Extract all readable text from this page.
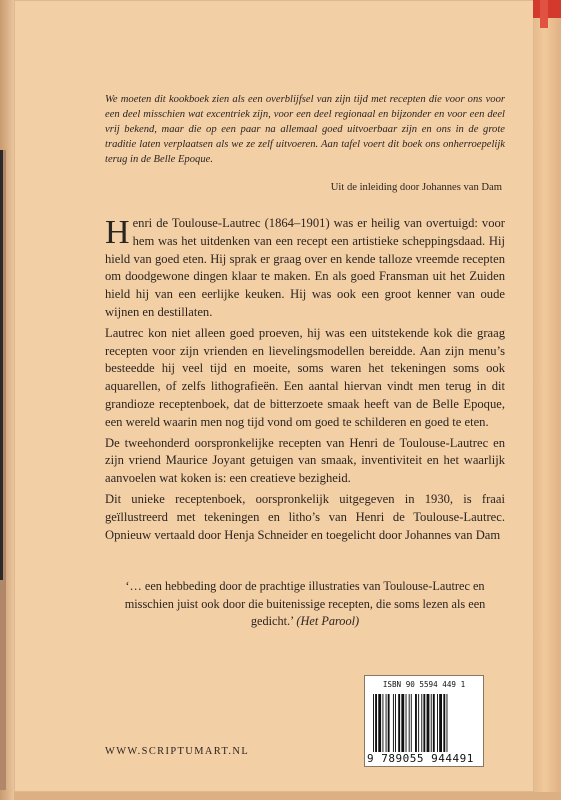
We moeten dit kookboek zien als een overblijfsel van zijn tijd met recepten die voor ons voor een deel misschien wat excentriek zijn, voor een deel regionaal en bijzonder en voor een deel vrij bekend, maar die op een paar na allemaal goed uitvoerbaar zijn en ons in de grote traditie laten verplaatsen als we ze zelf uitvoeren. Aan tafel voert dit boek ons onherroepelijk terug in de Belle Epoque.
Uit de inleiding door Johannes van Dam

Henri de Toulouse-Lautrec (1864–1901) was er heilig van overtuigd: voor hem was het uitdenken van een recept een artistieke scheppingsdaad. Hij hield van goed eten. Hij sprak er graag over en kende talloze vreemde recepten om doodgewone dingen klaar te maken. En als goed Fransman uit het Zuiden hield hij van een eerlijke keuken. Hij was ook een groot kenner van oude wijnen en destillaten.

Lautrec kon niet alleen goed proeven, hij was een uitstekende kok die graag recepten voor zijn vrienden en lievelingsmodellen bereidde. Aan zijn menu’s besteedde hij veel tijd en moeite, soms waren het tekeningen soms ook aquarellen, of zelfs lithografieën. Een aantal hiervan vindt men terug in dit grandioze receptenboek, dat de bitterzoete smaak heeft van de Belle Epoque, een wereld waarin men nog tijd vond om goed te schilderen en goed te eten.

De tweehonderd oorspronkelijke recepten van Henri de Toulouse-Lautrec en zijn vriend Maurice Joyant getuigen van smaak, inventiviteit en het waarlijk aanvoelen wat koken is: een creatieve bezigheid.

Dit unieke receptenboek, oorspronkelijk uitgegeven in 1930, is fraai geïllustreerd met tekeningen en litho’s van Henri de Toulouse-Lautrec. Opnieuw vertaald door Henja Schneider en toegelicht door Johannes van Dam
‘… een hebbeding door de prachtige illustraties van Toulouse-Lautrec en misschien juist ook door die buitenissige recepten, die soms lezen als een gedicht.’ (Het Parool)
ISBN 90 5594 449 1
9 789055 944491
WWW.SCRIPTUMART.NL
